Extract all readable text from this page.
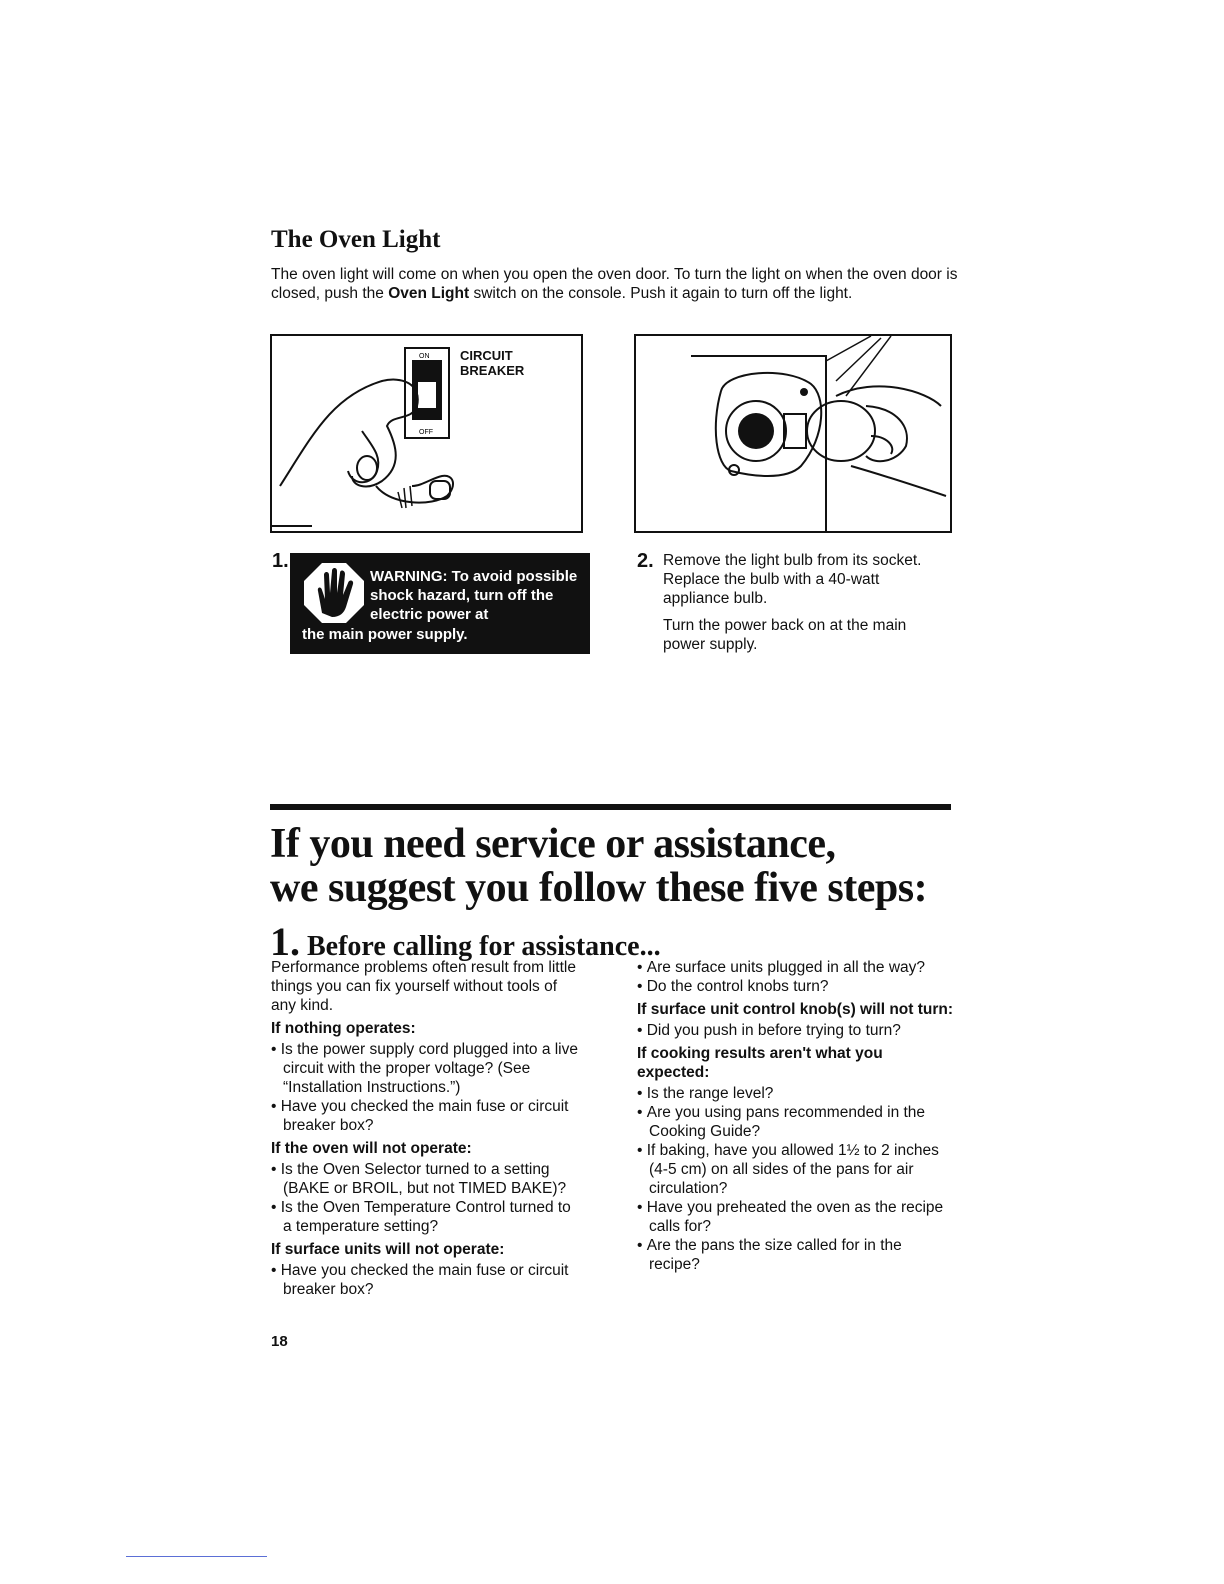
The Oven Light

The oven light will come on when you open the oven door. To turn the light on when the oven door is closed, push the Oven Light switch on the console. Push it again to turn off the light.

ON
OFF
CIRCUIT
BREAKER
1.
WARNING: To avoid possible shock hazard, turn off the electric power at
the main power supply.
2. Remove the light bulb from its socket. Replace the bulb with a 40-watt appliance bulb.

Turn the power back on at the main power supply.

If you need service or assistance,
we suggest you follow these five steps:
1. Before calling for assistance...

Performance problems often result from little things you can fix yourself without tools of any kind.

If nothing operates:
• Is the power supply cord plugged into a live circuit with the proper voltage? (See “Installation Instructions.”)
• Have you checked the main fuse or circuit breaker box?
If the oven will not operate:
• Is the Oven Selector turned to a setting (BAKE or BROIL, but not TIMED BAKE)?
• Is the Oven Temperature Control turned to a temperature setting?
If surface units will not operate:
• Have you checked the main fuse or circuit breaker box?
• Are surface units plugged in all the way?
• Do the control knobs turn?
If surface unit control knob(s) will not turn:
• Did you push in before trying to turn?
If cooking results aren't what you expected:
• Is the range level?
• Are you using pans recommended in the Cooking Guide?
• If baking, have you allowed 1½ to 2 inches (4-5 cm) on all sides of the pans for air circulation?
• Have you preheated the oven as the recipe calls for?
• Are the pans the size called for in the recipe?
18
